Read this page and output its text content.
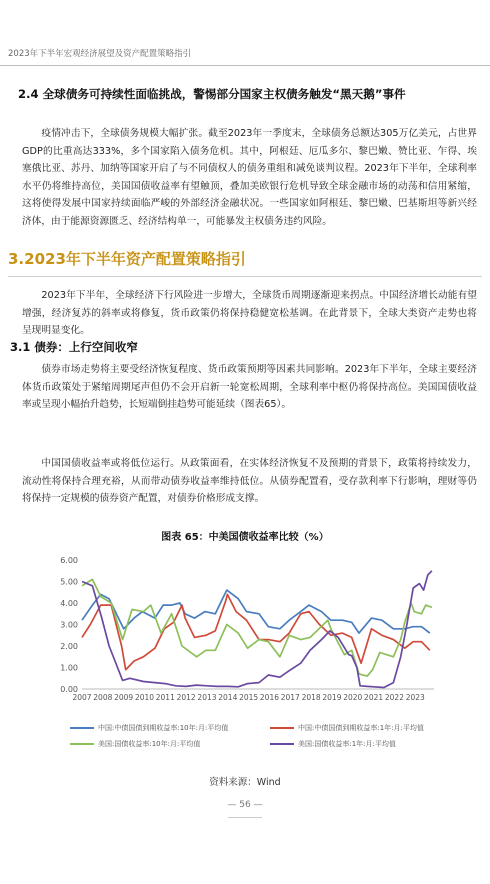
2023年下半年宏观经济展望及资产配置策略指引
2.4 全球债务可持续性面临挑战，警惕部分国家主权债务触发“黑天鹅”事件

疫情冲击下，全球债务规模大幅扩张。截至2023年一季度末，全球债务总额达305万亿美元，占世界GDP的比重高达333%，多个国家陷入债务危机。其中，阿根廷、厄瓜多尔、黎巴嫩、赞比亚、乍得、埃塞俄比亚、苏丹、加纳等国家开启了与不同债权人的债务重组和减免谈判议程。2023年下半年，全球利率水平仍将维持高位，美国国债收益率有望触顶，叠加美欧银行危机导致全球金融市场的动荡和信用紧缩，这将使得发展中国家持续面临严峻的外部经济金融状况。一些国家如阿根廷、黎巴嫩、巴基斯坦等新兴经济体，由于能源资源匮乏、经济结构单一，可能暴发主权债务违约风险。

3.2023年下半年资产配置策略指引

2023年下半年，全球经济下行风险进一步增大，全球货币周期逐渐迎来拐点。中国经济增长动能有望增强，经济复苏的斜率或将修复，货币政策仍将保持稳健宽松基调。在此背景下，全球大类资产走势也将呈现明显变化。

3.1 债券：上行空间收窄

债券市场走势将主要受经济恢复程度、货币政策预期等因素共同影响。2023年下半年，全球主要经济体货币政策处于紧缩周期尾声但仍不会开启新一轮宽松周期，全球利率中枢仍将保持高位。美国国债收益率或呈现小幅抬升趋势，长短端倒挂趋势可能延续（图表65）。

中国国债收益率或将低位运行。从政策面看，在实体经济恢复不及预期的背景下，政策将持续发力，流动性将保持合理充裕，从而带动债券收益率维持低位。从债券配置看，受存款利率下行影响，理财等仍将保持一定规模的债券资产配置，对债券价格形成支撑。

图表 65：中美国债收益率比较（%）
0.00
1.00
2.00
3.00
4.00
5.00
6.00
2007 2008 2009 2010 2011 2012 2013 2014 2015 2016 2017 2018 2019 2020 2021 2022 2023
中国:中债国债到期收益率:10年:月:平均值	中国:中债国债到期收益率:1年:月:平均值
美国:国债收益率:10年:月:平均值	美国:国债收益率:1年:月:平均值
资料来源：Wind
— 56 —
